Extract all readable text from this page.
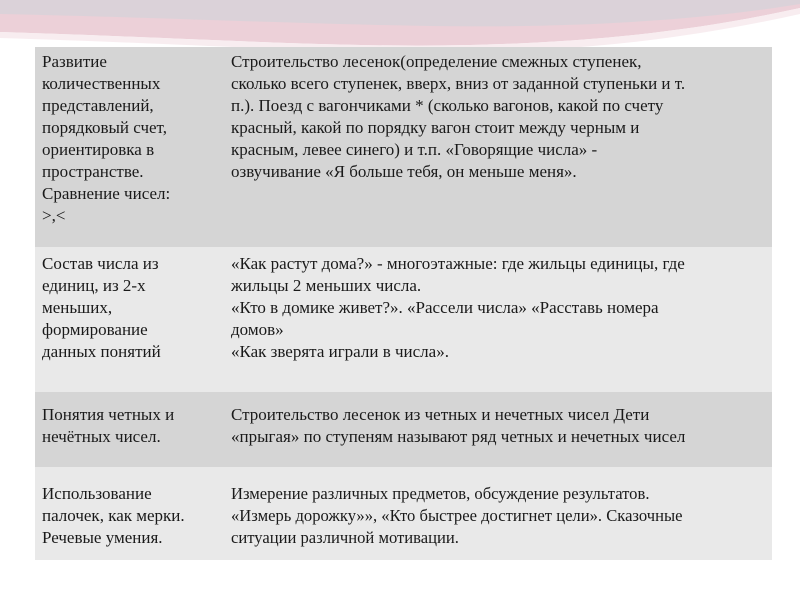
Развитие
количественных
представлений,
порядковый счет,
ориентировка в
пространстве.
Сравнение чисел:
>,<
Строительство лесенок(определение смежных ступенек,
сколько всего ступенек, вверх, вниз от заданной ступеньки и т.
п.). Поезд с вагончиками * (сколько вагонов, какой по счету
красный, какой по порядку вагон стоит между черным и
красным, левее синего) и т.п. «Говорящие числа» -
озвучивание «Я больше тебя, он меньше меня».
Состав числа из
единиц, из 2-х
меньших,
формирование
данных понятий
«Как растут дома?» - многоэтажные: где жильцы единицы, где
жильцы 2 меньших числа.
«Кто в домике живет?». «Рассели числа» «Расставь номера
домов»
«Как зверята играли в числа».
Понятия четных и
нечётных чисел.
Строительство лесенок из четных и нечетных чисел Дети
«прыгая» по ступеням называют ряд четных и нечетных чисел
Использование
палочек, как мерки.
Речевые умения.
Измерение различных предметов, обсуждение результатов.
«Измерь дорожку»», «Кто быстрее достигнет цели». Сказочные
ситуации различной мотивации.
